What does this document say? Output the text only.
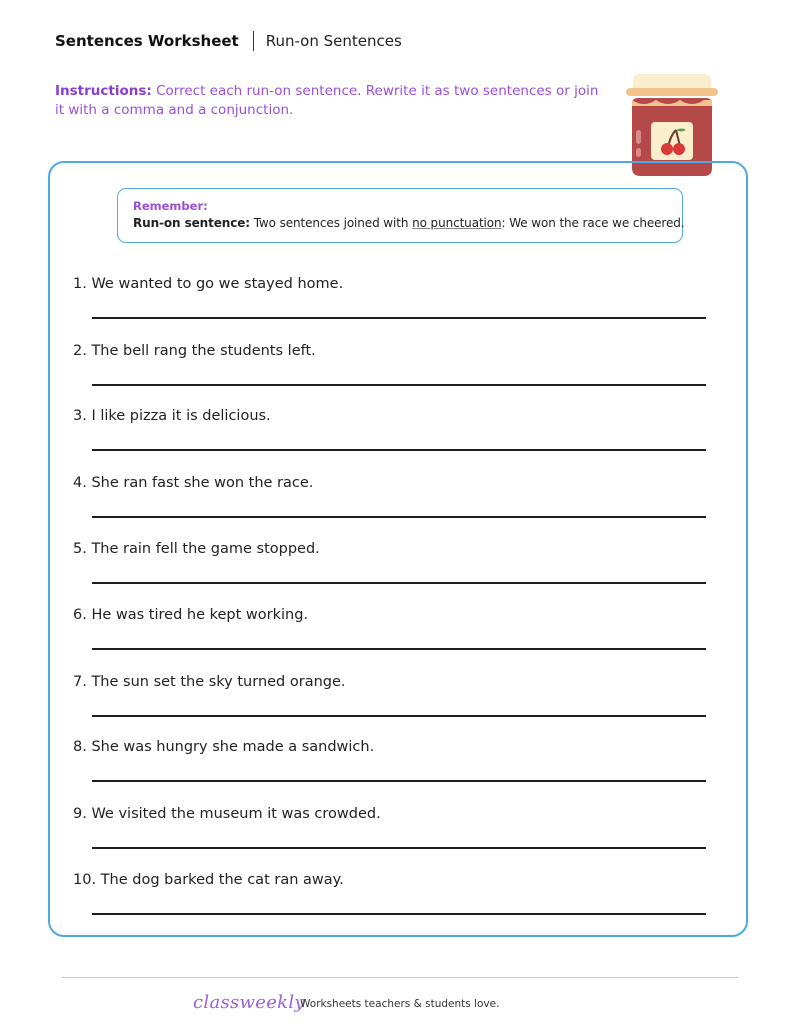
Sentences Worksheet Run-on Sentences
Instructions: Correct each run-on sentence. Rewrite it as two sentences or join it with a comma and a conjunction.
Remember:
Run-on sentence: Two sentences joined with no punctuation: We won the race we cheered.
1. We wanted to go we stayed home.
2. The bell rang the students left.
3. I like pizza it is delicious.
4. She ran fast she won the race.
5. The rain fell the game stopped.
6. He was tired he kept working.
7. The sun set the sky turned orange.
8. She was hungry she made a sandwich.
9. We visited the museum it was crowded.
10. The dog barked the cat ran away.
classweekly
Worksheets teachers & students love.
